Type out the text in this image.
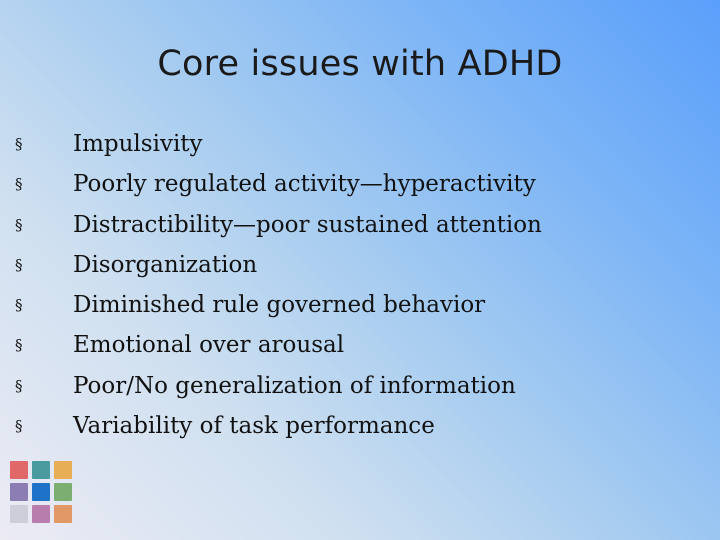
Core issues with ADHD
§	Impulsivity
§	Poorly regulated activity—hyperactivity
§	Distractibility—poor sustained attention
§	Disorganization
§	Diminished rule governed behavior
§	Emotional over arousal
§	Poor/No generalization of information
§	Variability of task performance
